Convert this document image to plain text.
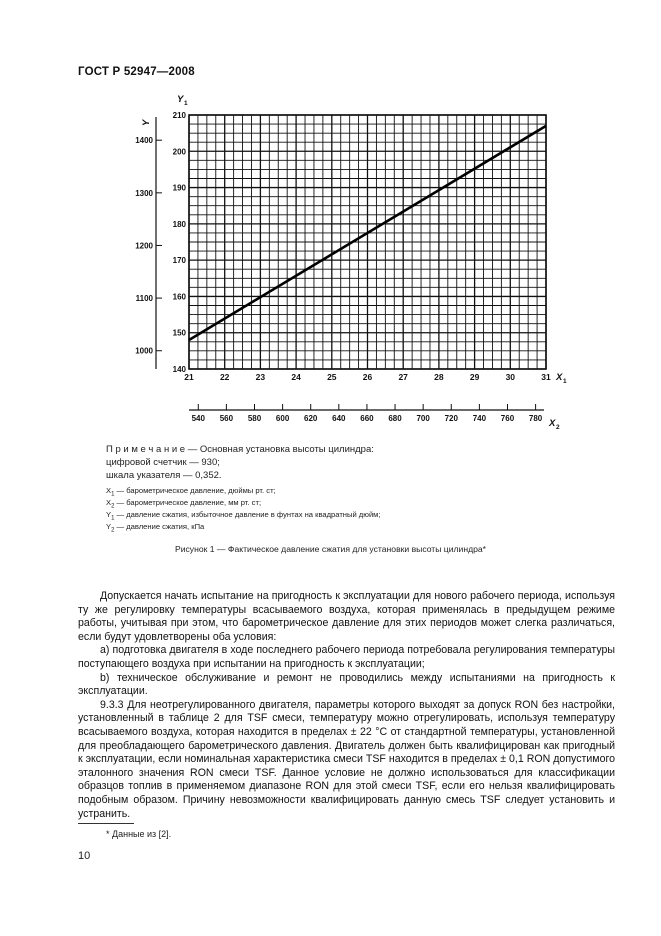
ГОСТ Р 52947—2008
21	22	23	24	25	26	27	28	29	30	31 X 1
140
150
160
170
180
190
200
210
Y 1
1000
1100
1200
1300
1400
Y
540 560 580 600 620 640 660 680 700 720 740 760 780 X 2
П р и м е ч а н и е — Основная установка высоты цилиндра:
цифровой счетчик — 930;
шкала указателя — 0,352.
$X_1$ — барометрическое давление, дюймы рт. ст;
$X_2$ — барометрическое давление, мм рт. ст;
$Y_1$ — давление сжатия, избыточное давление в фунтах на квадратный дюйм;
$Y_2$ — давление сжатия, кПа
Рисунок 1 — Фактическое давление сжатия для установки высоты цилиндра*

Допускается начать испытание на пригодность к эксплуатации для нового рабочего периода, используя ту же регулировку температуры всасываемого воздуха, которая применялась в предыдущем режиме работы, учитывая при этом, что барометрическое давление для этих периодов может слегка различаться, если будут удовлетворены оба условия:

а) подготовка двигателя в ходе последнего рабочего периода потребовала регулирования температуры поступающего воздуха при испытании на пригодность к эксплуатации;

b) техническое обслуживание и ремонт не проводились между испытаниями на пригодность к эксплуатации.

9.3.3 Для неотрегулированного двигателя, параметры которого выходят за допуск RON без настройки, установленный в таблице 2 для TSF смеси, температуру можно отрегулировать, используя температуру всасываемого воздуха, которая находится в пределах ± 22 °С от стандартной температуры, установленной для преобладающего барометрического давления. Двигатель должен быть квалифицирован как пригодный к эксплуатации, если номинальная характеристика смеси TSF находится в пределах ± 0,1 RON допустимого эталонного значения RON смеси TSF. Данное условие не должно использоваться для классификации образцов топлив в применяемом диапазоне RON для этой смеси TSF, если его нельзя квалифицировать подобным образом. Причину невозможности квалифицировать данную смесь TSF следует установить и устранить.

* Данные из [2].
10
